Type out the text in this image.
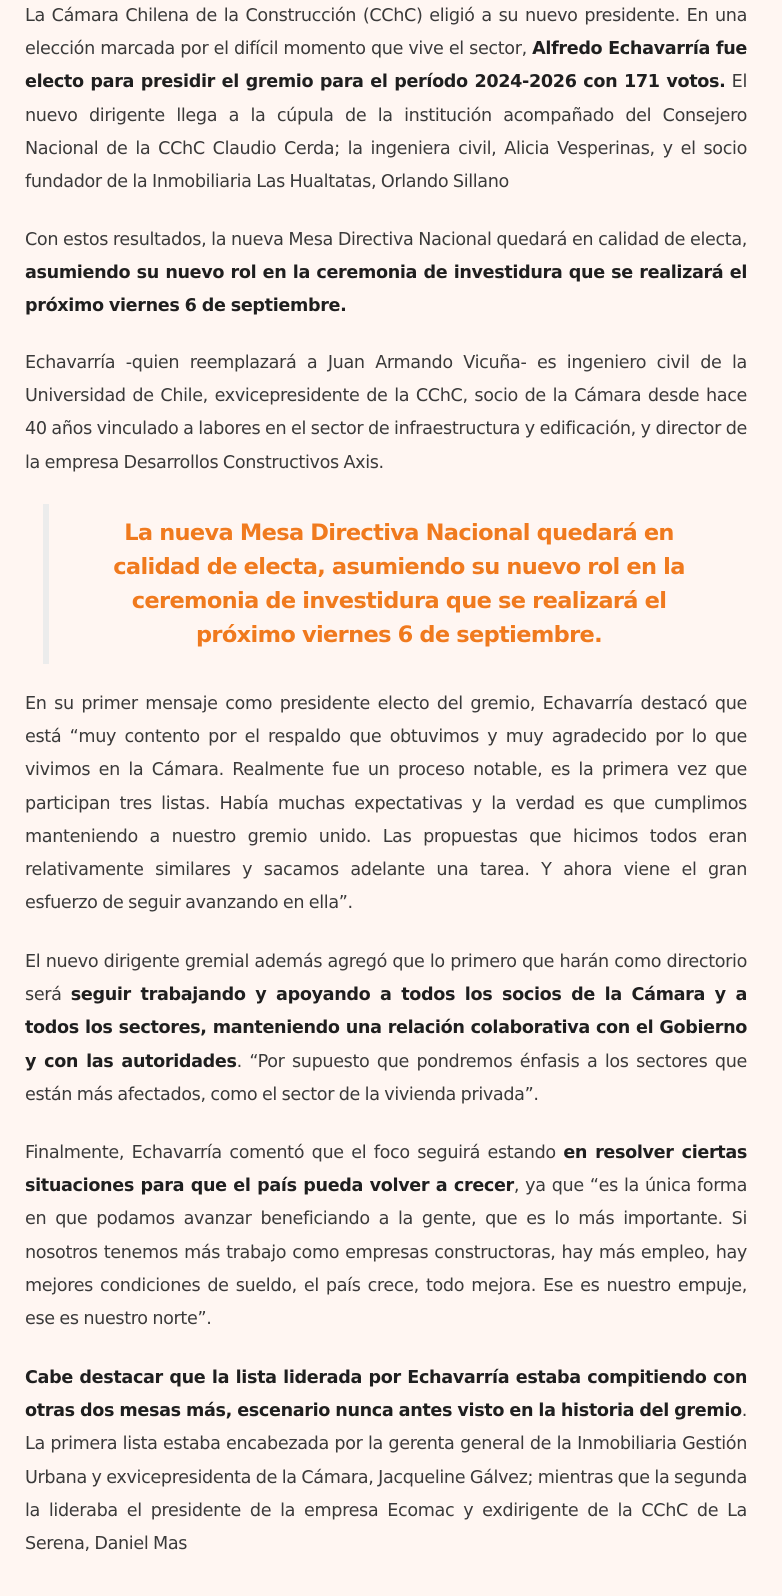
La Cámara Chilena de la Construcción (CChC) eligió a su nuevo presidente. En una elección marcada por el difícil momento que vive el sector, Alfredo Echavarría fue electo para presidir el gremio para el período 2024-2026 con 171 votos. El nuevo dirigente llega a la cúpula de la institución acompañado del Consejero Nacional de la CChC Claudio Cerda; la ingeniera civil, Alicia Vesperinas, y el socio fundador de la Inmobiliaria Las Hualtatas, Orlando Sillano

Con estos resultados, la nueva Mesa Directiva Nacional quedará en calidad de electa, asumiendo su nuevo rol en la ceremonia de investidura que se realizará el próximo viernes 6 de septiembre.

Echavarría -quien reemplazará a Juan Armando Vicuña- es ingeniero civil de la Universidad de Chile, exvicepresidente de la CChC, socio de la Cámara desde hace 40 años vinculado a labores en el sector de infraestructura y edificación, y director de la empresa Desarrollos Constructivos Axis.

La nueva Mesa Directiva Nacional quedará en calidad de electa, asumiendo su nuevo rol en la ceremonia de investidura que se realizará el próximo viernes 6 de septiembre.

En su primer mensaje como presidente electo del gremio, Echavarría destacó que está “muy contento por el respaldo que obtuvimos y muy agradecido por lo que vivimos en la Cámara. Realmente fue un proceso notable, es la primera vez que participan tres listas. Había muchas expectativas y la verdad es que cumplimos manteniendo a nuestro gremio unido. Las propuestas que hicimos todos eran relativamente similares y sacamos adelante una tarea. Y ahora viene el gran esfuerzo de seguir avanzando en ella”.

El nuevo dirigente gremial además agregó que lo primero que harán como directorio será seguir trabajando y apoyando a todos los socios de la Cámara y a todos los sectores, manteniendo una relación colaborativa con el Gobierno y con las autoridades. “Por supuesto que pondremos énfasis a los sectores que están más afectados, como el sector de la vivienda privada”.

Finalmente, Echavarría comentó que el foco seguirá estando en resolver ciertas situaciones para que el país pueda volver a crecer, ya que “es la única forma en que podamos avanzar beneficiando a la gente, que es lo más importante. Si nosotros tenemos más trabajo como empresas constructoras, hay más empleo, hay mejores condiciones de sueldo, el país crece, todo mejora. Ese es nuestro empuje, ese es nuestro norte”.

Cabe destacar que la lista liderada por Echavarría estaba compitiendo con otras dos mesas más, escenario nunca antes visto en la historia del gremio. La primera lista estaba encabezada por la gerenta general de la Inmobiliaria Gestión Urbana y exvicepresidenta de la Cámara, Jacqueline Gálvez; mientras que la segunda la lideraba el presidente de la empresa Ecomac y exdirigente de la CChC de La Serena, Daniel Mas
